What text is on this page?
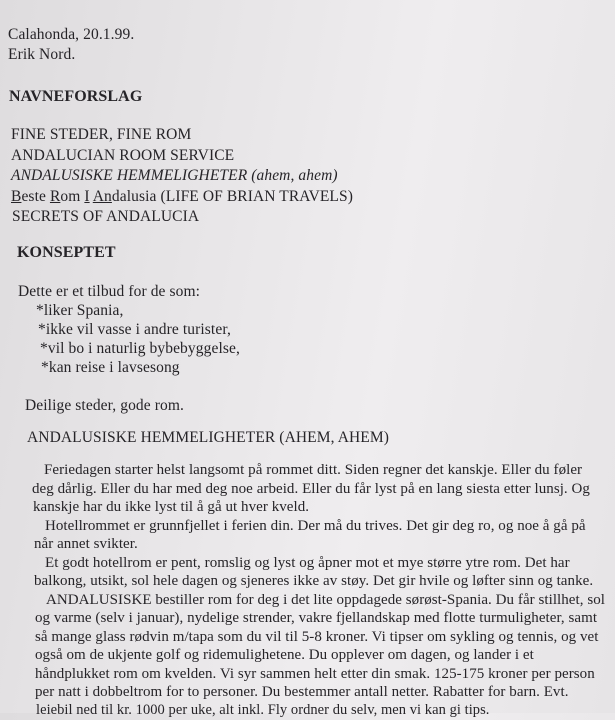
Calahonda, 20.1.99.
Erik Nord.
NAVNEFORSLAG
FINE STEDER, FINE ROM
ANDALUCIAN ROOM SERVICE
ANDALUSISKE HEMMELIGHETER (ahem, ahem)
Beste Rom I Andalusia (LIFE OF BRIAN TRAVELS)
SECRETS OF ANDALUCIA
KONSEPTET
Dette er et tilbud for de som:
*liker Spania,
*ikke vil vasse i andre turister,
*vil bo i naturlig bybebyggelse,
*kan reise i lavsesong
Deilige steder, gode rom.
ANDALUSISKE HEMMELIGHETER (AHEM, AHEM)
Feriedagen starter helst langsomt på rommet ditt. Siden regner det kanskje. Eller du føler
deg dårlig. Eller du har med deg noe arbeid. Eller du får lyst på en lang siesta etter lunsj. Og
kanskje har du ikke lyst til å gå ut hver kveld.
Hotellrommet er grunnfjellet i ferien din. Der må du trives. Det gir deg ro, og noe å gå på
når annet svikter.
Et godt hotellrom er pent, romslig og lyst og åpner mot et mye større ytre rom. Det har
balkong, utsikt, sol hele dagen og sjeneres ikke av støy. Det gir hvile og løfter sinn og tanke.
ANDALUSISKE bestiller rom for deg i det lite oppdagede sørøst-Spania. Du får stillhet, sol
og varme (selv i januar), nydelige strender, vakre fjellandskap med flotte turmuligheter, samt
så mange glass rødvin m/tapa som du vil til 5-8 kroner. Vi tipser om sykling og tennis, og vet
også om de ukjente golf og ridemulighetene. Du opplever om dagen, og lander i et
håndplukket rom om kvelden. Vi syr sammen helt etter din smak. 125-175 kroner per person
per natt i dobbeltrom for to personer. Du bestemmer antall netter. Rabatter for barn. Evt.
leiebil ned til kr. 1000 per uke, alt inkl. Fly ordner du selv, men vi kan gi tips.
